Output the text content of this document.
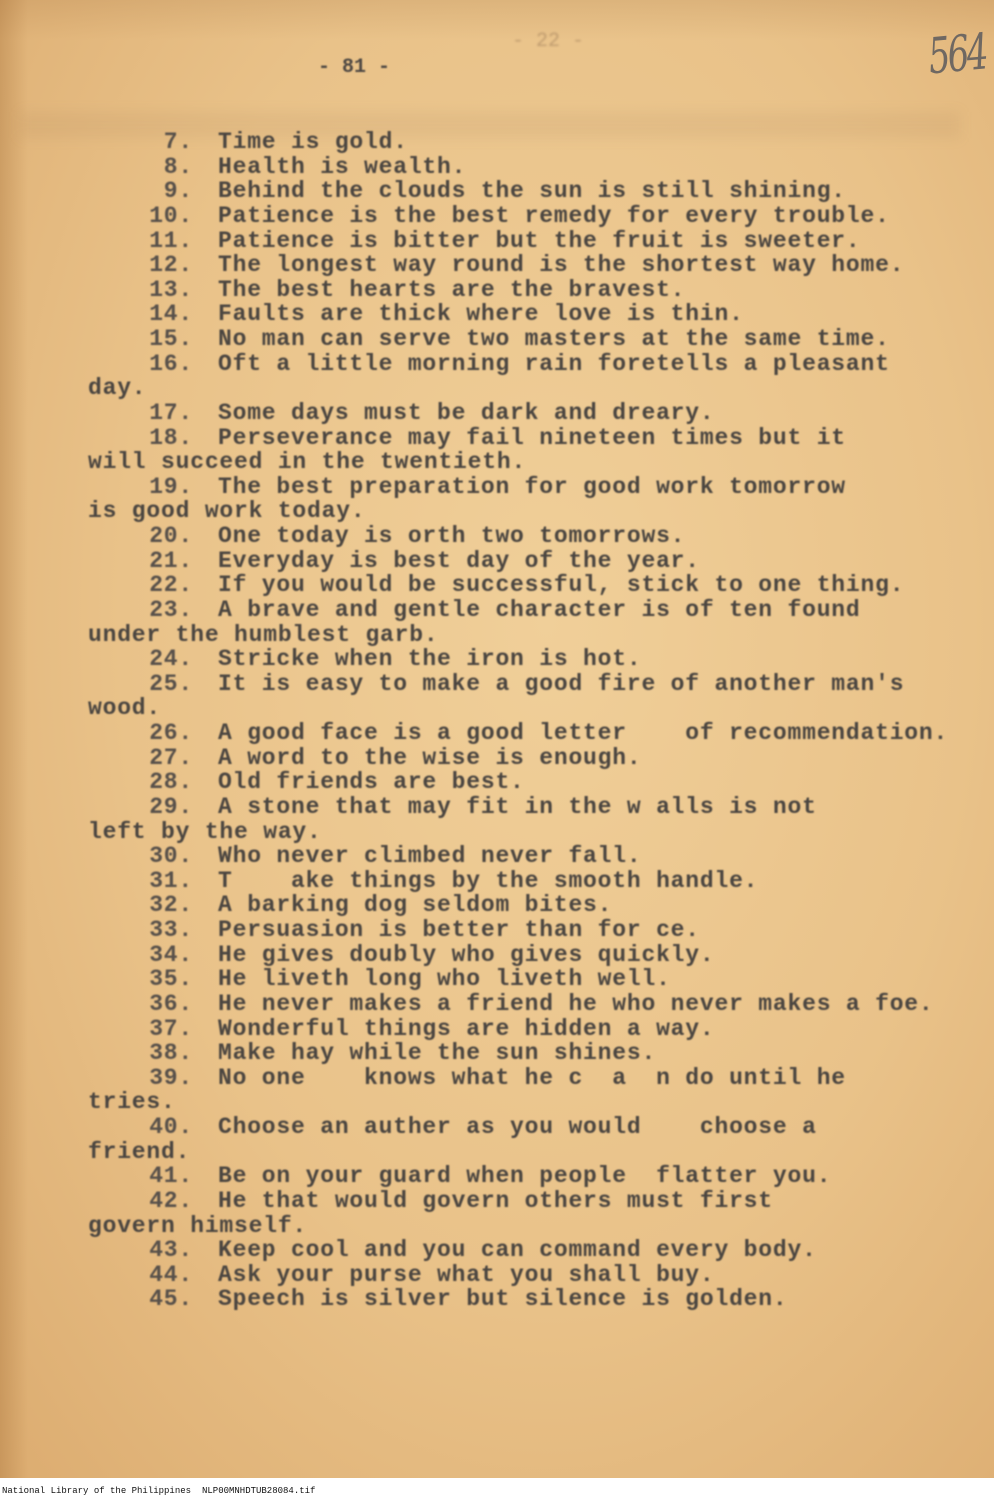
- 22 -
- 81 -	564
7. Time is gold.
8. Health is wealth.
9. Behind the clouds the sun is still shining.
10. Patience is the best remedy for every trouble.
11. Patience is bitter but the fruit is sweeter.
12. The longest way round is the shortest way home.
13. The best hearts are the bravest.
14. Faults are thick where love is thin.
15. No man can serve two masters at the same time.
16. Oft a little morning rain foretells a pleasant
day.
17. Some days must be dark and dreary.
18. Perseverance may fail nineteen times but it
will succeed in the twentieth.
19. The best preparation for good work tomorrow
is good work today.
20. One today is orth two tomorrows.
21. Everyday is best day of the year.
22. If you would be successful, stick to one thing.
23. A brave and gentle character is of ten found
under the humblest garb.
24. Stricke when the iron is hot.
25. It is easy to make a good fire of another man's
wood.
26. A good face is a good letter    of recommendation.
27. A word to the wise is enough.
28. Old friends are best.
29. A stone that may fit in the w alls is not
left by the way.
30. Who never climbed never fall.
31. T    ake things by the smooth handle.
32. A barking dog seldom bites.
33. Persuasion is better than for ce.
34. He gives doubly who gives quickly.
35. He liveth long who liveth well.
36. He never makes a friend he who never makes a foe.
37. Wonderful things are hidden a way.
38. Make hay while the sun shines.
39. No one    knows what he c  a  n do until he
tries.
40. Choose an auther as you would    choose a
friend.
41. Be on your guard when people  flatter you.
42. He that would govern others must first
govern himself.
43. Keep cool and you can command every body.
44. Ask your purse what you shall buy.
45. Speech is silver but silence is golden.
National Library of the Philippines NLP00MNHDTUB28084.tif
